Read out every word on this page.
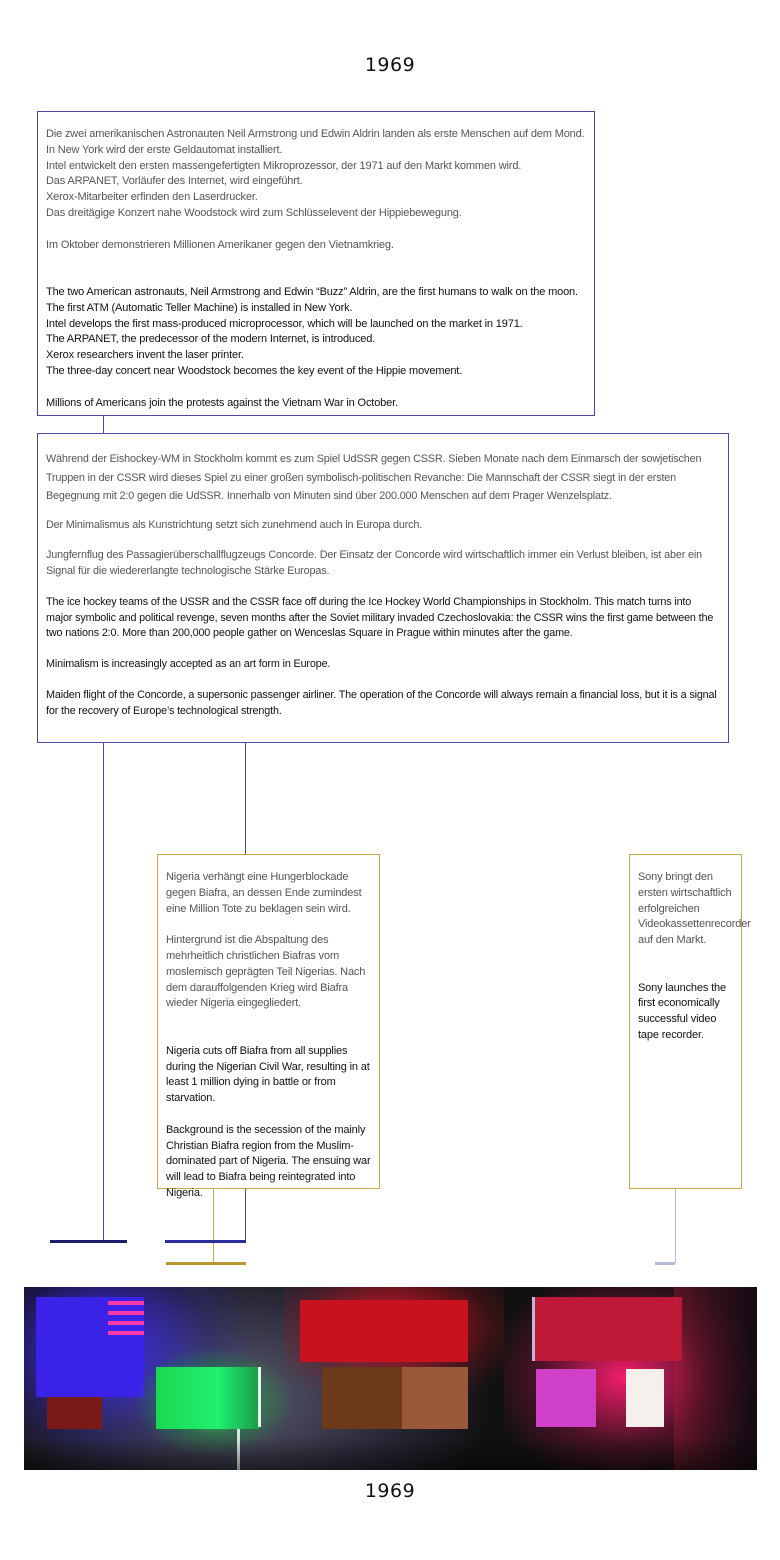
1969

Die zwei amerikanischen Astronauten Neil Armstrong und Edwin Aldrin landen als erste Menschen auf dem Mond.

In New York wird der erste Geldautomat installiert.

Intel entwickelt den ersten massengefertigten Mikroprozessor, der 1971 auf den Markt kommen wird.

Das ARPANET, Vorläufer des Internet, wird eingeführt.

Xerox-Mitarbeiter erfinden den Laserdrucker.

Das dreitägige Konzert nahe Woodstock wird zum Schlüsselevent der Hippiebewegung.

Im Oktober demonstrieren Millionen Amerikaner gegen den Vietnamkrieg.

The two American astronauts, Neil Armstrong and Edwin “Buzz” Aldrin, are the first humans to walk on the moon.

The first ATM (Automatic Teller Machine) is installed in New York.

Intel develops the first mass-produced microprocessor, which will be launched on the market in 1971.

The ARPANET, the predecessor of the modern Internet, is introduced.

Xerox researchers invent the laser printer.

The three-day concert near Woodstock becomes the key event of the Hippie movement.

Millions of Americans join the protests against the Vietnam War in October.

Während der Eishockey-WM in Stockholm kommt es zum Spiel UdSSR gegen CSSR. Sieben Monate nach dem Einmarsch der sowjetischen Truppen in der CSSR wird dieses Spiel zu einer großen symbolisch-politischen Revanche: Die Mannschaft der CSSR siegt in der ersten Begegnung mit 2:0 gegen die UdSSR. Innerhalb von Minuten sind über 200.000 Menschen auf dem Prager Wenzelsplatz.

Der Minimalismus als Kunstrichtung setzt sich zunehmend auch in Europa durch.

Jungfernflug des Passagierüberschallflugzeugs Concorde. Der Einsatz der Concorde wird wirtschaftlich immer ein Verlust bleiben, ist aber ein Signal für die wiedererlangte technologische Stärke Europas.

The ice hockey teams of the USSR and the CSSR face off during the Ice Hockey World Championships in Stockholm. This match turns into major symbolic and political revenge, seven months after the Soviet military invaded Czechoslovakia: the CSSR wins the first game between the two nations 2:0. More than 200,000 people gather on Wenceslas Square in Prague within minutes after the game.

Minimalism is increasingly accepted as an art form in Europe.

Maiden flight of the Concorde, a supersonic passenger airliner. The operation of the Concorde will always remain a financial loss, but it is a signal for the recovery of Europe’s technological strength.

Nigeria verhängt eine Hungerblockade gegen Biafra, an dessen Ende zumindest eine Million Tote zu beklagen sein wird.

Hintergrund ist die Abspaltung des mehrheitlich christlichen Biafras vom moslemisch geprägten Teil Nigerias. Nach dem darauffolgenden Krieg wird Biafra wieder Nigeria eingegliedert.

Nigeria cuts off Biafra from all supplies during the Nigerian Civil War, resulting in at least 1 million dying in battle or from starvation.

Background is the secession of the mainly Christian Biafra region from the Muslim-dominated part of Nigeria. The ensuing war will lead to Biafra being reintegrated into Nigeria.

Sony bringt den ersten wirtschaftlich erfolgreichen Videokassettenrecorder auf den Markt.

Sony launches the first economically successful video tape recorder.

1969
